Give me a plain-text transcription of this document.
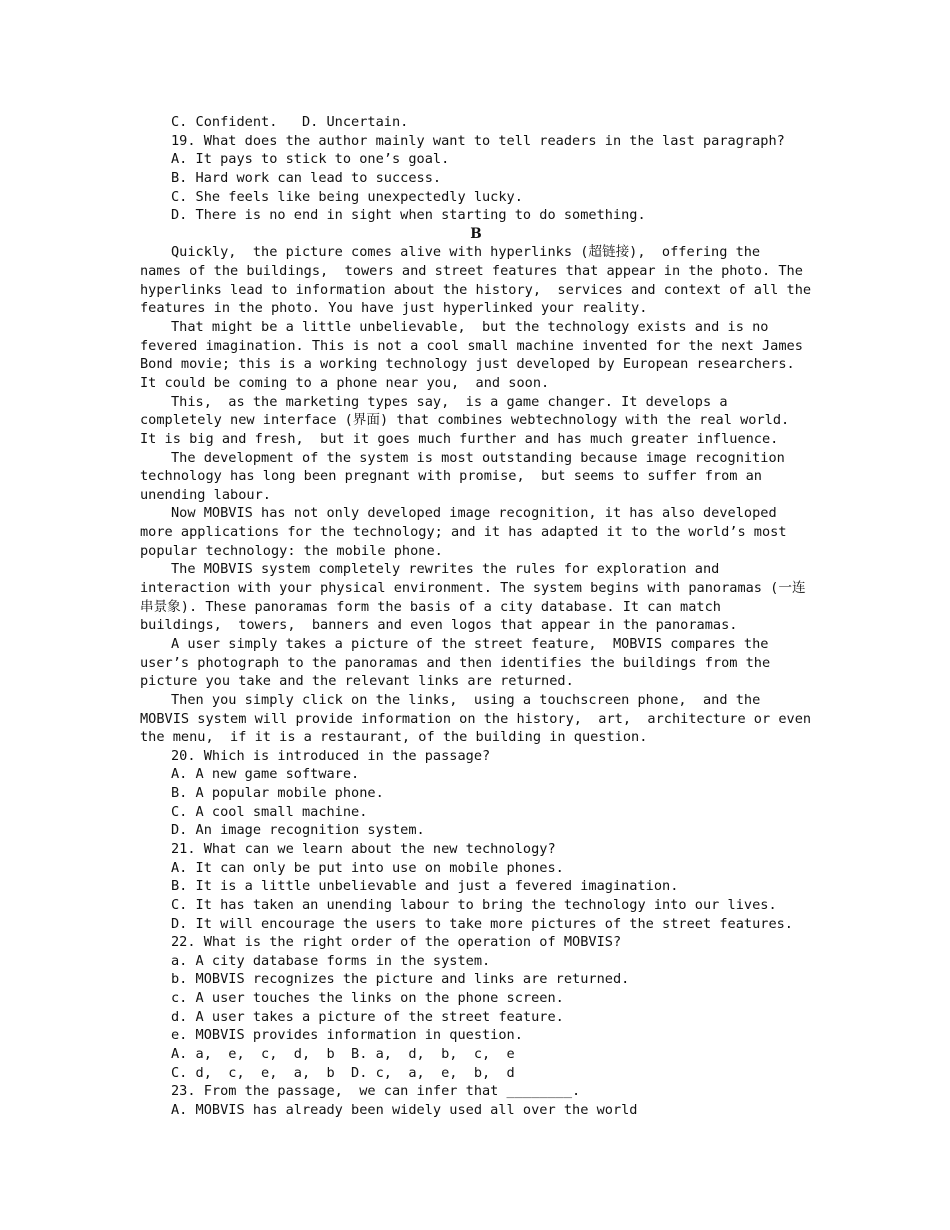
C. Confident.   D. Uncertain.
19. What does the author mainly want to tell readers in the last paragraph?
A. It pays to stick to one’s goal.
B. Hard work can lead to success.
C. She feels like being unexpectedly lucky.
D. There is no end in sight when starting to do something.
B
Quickly,  the picture comes alive with hyperlinks (超链接),  offering the
names of the buildings,  towers and street features that appear in the photo. The
hyperlinks lead to information about the history,  services and context of all the
features in the photo. You have just hyperlinked your reality.
That might be a little unbelievable,  but the technology exists and is no
fevered imagination. This is not a cool small machine invented for the next James
Bond movie; this is a working technology just developed by European researchers.
It could be coming to a phone near you,  and soon.
This,  as the marketing types say,  is a game changer. It develops a
completely new interface (界面) that combines webtechnology with the real world.
It is big and fresh,  but it goes much further and has much greater influence.
The development of the system is most outstanding because image recognition
technology has long been pregnant with promise,  but seems to suffer from an
unending labour.
Now MOBVIS has not only developed image recognition, it has also developed
more applications for the technology; and it has adapted it to the world’s most
popular technology: the mobile phone.
The MOBVIS system completely rewrites the rules for exploration and
interaction with your physical environment. The system begins with panoramas (一连
串景象). These panoramas form the basis of a city database. It can match
buildings,  towers,  banners and even logos that appear in the panoramas.
A user simply takes a picture of the street feature,  MOBVIS compares the
user’s photograph to the panoramas and then identifies the buildings from the
picture you take and the relevant links are returned.
Then you simply click on the links,  using a touchscreen phone,  and the
MOBVIS system will provide information on the history,  art,  architecture or even
the menu,  if it is a restaurant, of the building in question.
20. Which is introduced in the passage?
A. A new game software.
B. A popular mobile phone.
C. A cool small machine.
D. An image recognition system.
21. What can we learn about the new technology?
A. It can only be put into use on mobile phones.
B. It is a little unbelievable and just a fevered imagination.
C. It has taken an unending labour to bring the technology into our lives.
D. It will encourage the users to take more pictures of the street features.
22. What is the right order of the operation of MOBVIS?
a. A city database forms in the system.
b. MOBVIS recognizes the picture and links are returned.
c. A user touches the links on the phone screen.
d. A user takes a picture of the street feature.
e. MOBVIS provides information in question.
A. a,  e,  c,  d,  b  B. a,  d,  b,  c,  e
C. d,  c,  e,  a,  b  D. c,  a,  e,  b,  d
23. From the passage,  we can infer that ________.
A. MOBVIS has already been widely used all over the world
